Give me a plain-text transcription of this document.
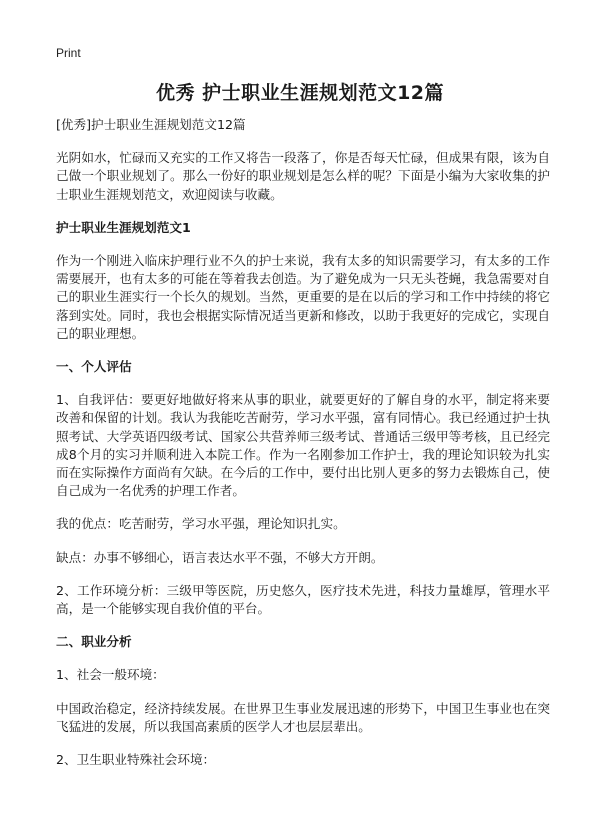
Print
优秀 护士职业生涯规划范文12篇
[优秀]护士职业生涯规划范文12篇
光阴如水，忙碌而又充实的工作又将告一段落了，你是否每天忙碌，但成果有限，该为自己做一个职业规划了。那么一份好的职业规划是怎么样的呢？下面是小编为大家收集的护士职业生涯规划范文，欢迎阅读与收藏。
护士职业生涯规划范文1
作为一个刚进入临床护理行业不久的护士来说，我有太多的知识需要学习，有太多的工作需要展开，也有太多的可能在等着我去创造。为了避免成为一只无头苍蝇，我急需要对自己的职业生涯实行一个长久的规划。当然，更重要的是在以后的学习和工作中持续的将它落到实处。同时，我也会根据实际情况适当更新和修改，以助于我更好的完成它，实现自己的职业理想。
一、个人评估
1、自我评估：要更好地做好将来从事的职业，就要更好的了解自身的水平，制定将来要改善和保留的计划。我认为我能吃苦耐劳，学习水平强，富有同情心。我已经通过护士执照考试、大学英语四级考试、国家公共营养师三级考试、普通话三级甲等考核，且已经完成8个月的实习并顺利进入本院工作。作为一名刚参加工作护士，我的理论知识较为扎实而在实际操作方面尚有欠缺。在今后的工作中，要付出比别人更多的努力去锻炼自己，使自己成为一名优秀的护理工作者。
我的优点：吃苦耐劳，学习水平强，理论知识扎实。
缺点：办事不够细心，语言表达水平不强，不够大方开朗。
2、工作环境分析：三级甲等医院，历史悠久，医疗技术先进，科技力量雄厚，管理水平高，是一个能够实现自我价值的平台。
二、职业分析
1、社会一般环境：
中国政治稳定，经济持续发展。在世界卫生事业发展迅速的形势下，中国卫生事业也在突飞猛进的发展，所以我国高素质的医学人才也层层辈出。
2、卫生职业特殊社会环境：
